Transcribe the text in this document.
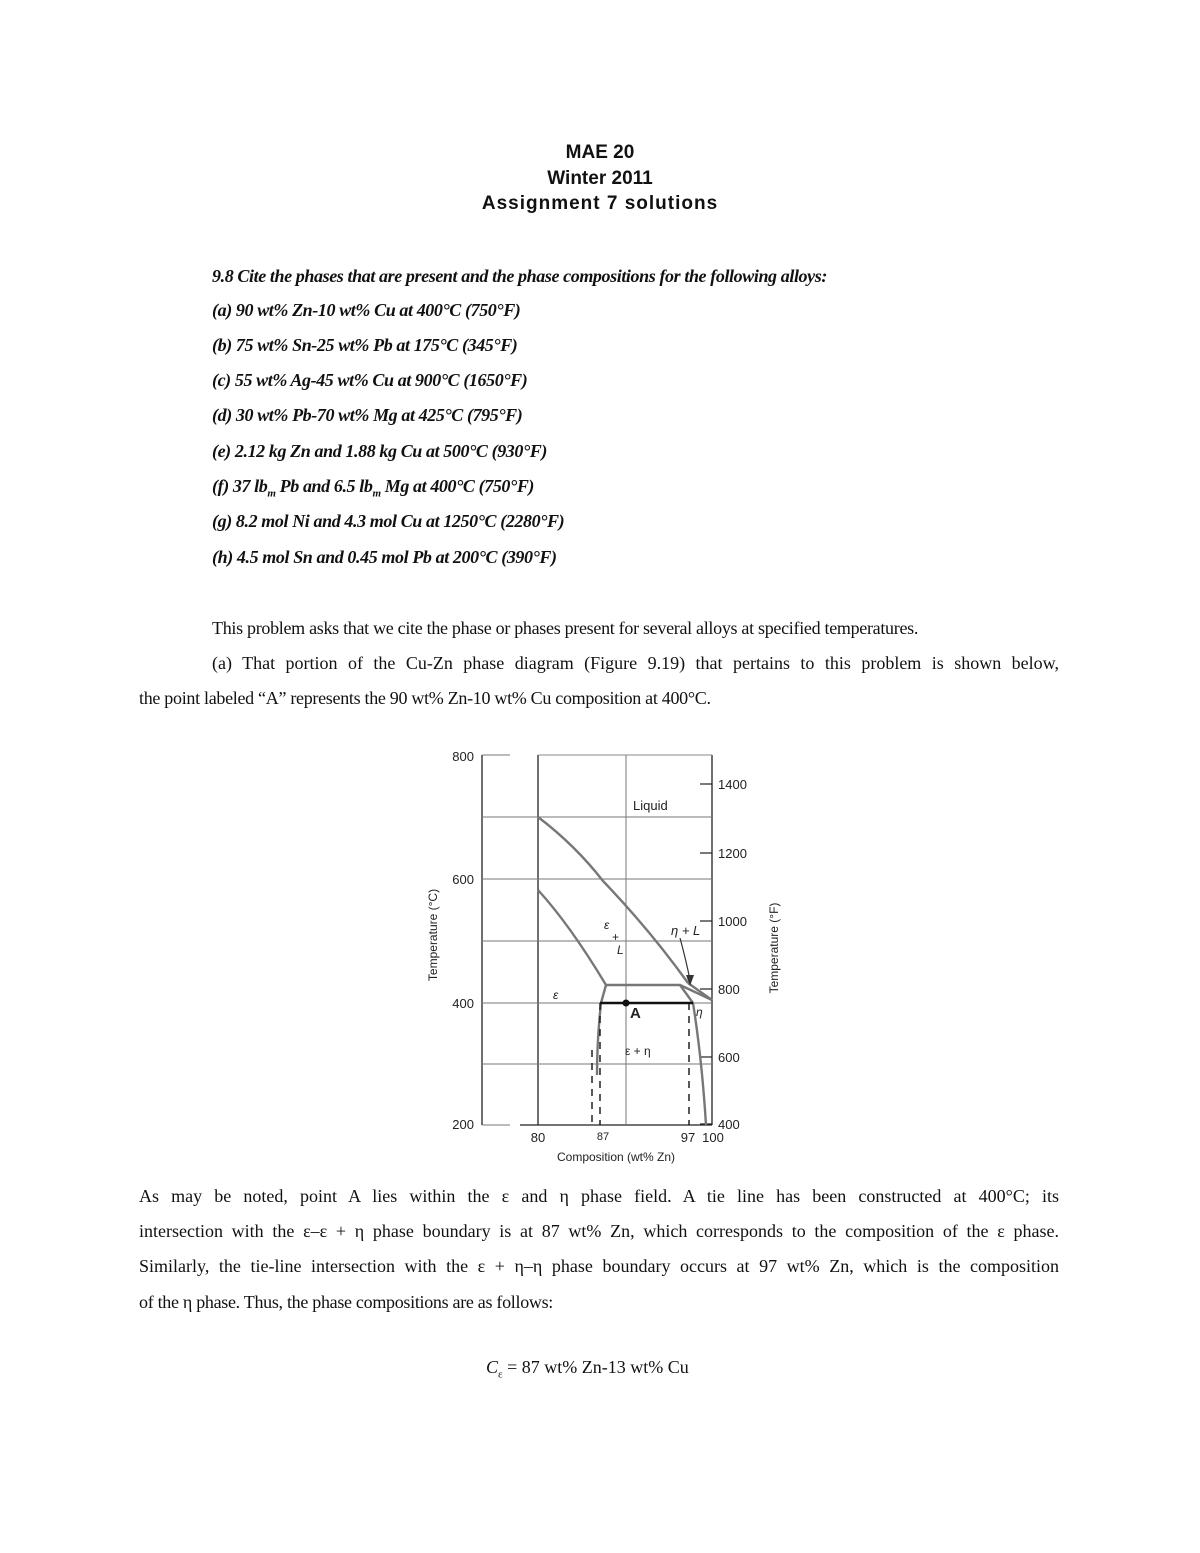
MAE 20
Winter 2011
Assignment 7 solutions
9.8 Cite the phases that are present and the phase compositions for the following alloys:
(a) 90 wt% Zn-10 wt% Cu at 400°C (750°F)
(b) 75 wt% Sn-25 wt% Pb at 175°C (345°F)
(c) 55 wt% Ag-45 wt% Cu at 900°C (1650°F)
(d) 30 wt% Pb-70 wt% Mg at 425°C (795°F)
(e) 2.12 kg Zn and 1.88 kg Cu at 500°C (930°F)
(f) 37 $lb_m$ Pb and 6.5 $lb_m$ Mg at 400°C (750°F)
(g) 8.2 mol Ni and 4.3 mol Cu at 1250°C (2280°F)
(h) 4.5 mol Sn and 0.45 mol Pb at 200°C (390°F)
This problem asks that we cite the phase or phases present for several alloys at specified temperatures.
(a) That portion of the Cu-Zn phase diagram (Figure 9.19) that pertains to this problem is shown below,
the point labeled “A” represents the 90 wt% Zn-10 wt% Cu composition at 400°C.
800
600
400
200
1400
1200
1000
800
600
400
80	87	97 100
Composition (wt% Zn)
Temperature (°C)	Temperature (°F)
Liquid
ε
+
L
η + L
ε
ε + η
η
A
As may be noted, point A lies within the ε and η phase field. A tie line has been constructed at 400°C; its
intersection with the ε–ε + η phase boundary is at 87 wt% Zn, which corresponds to the composition of the ε phase.
Similarly, the tie-line intersection with the ε + η–η phase boundary occurs at 97 wt% Zn, which is the composition
of the η phase. Thus, the phase compositions are as follows:
$C_\varepsilon = 87$ wt% Zn-13 wt% Cu
